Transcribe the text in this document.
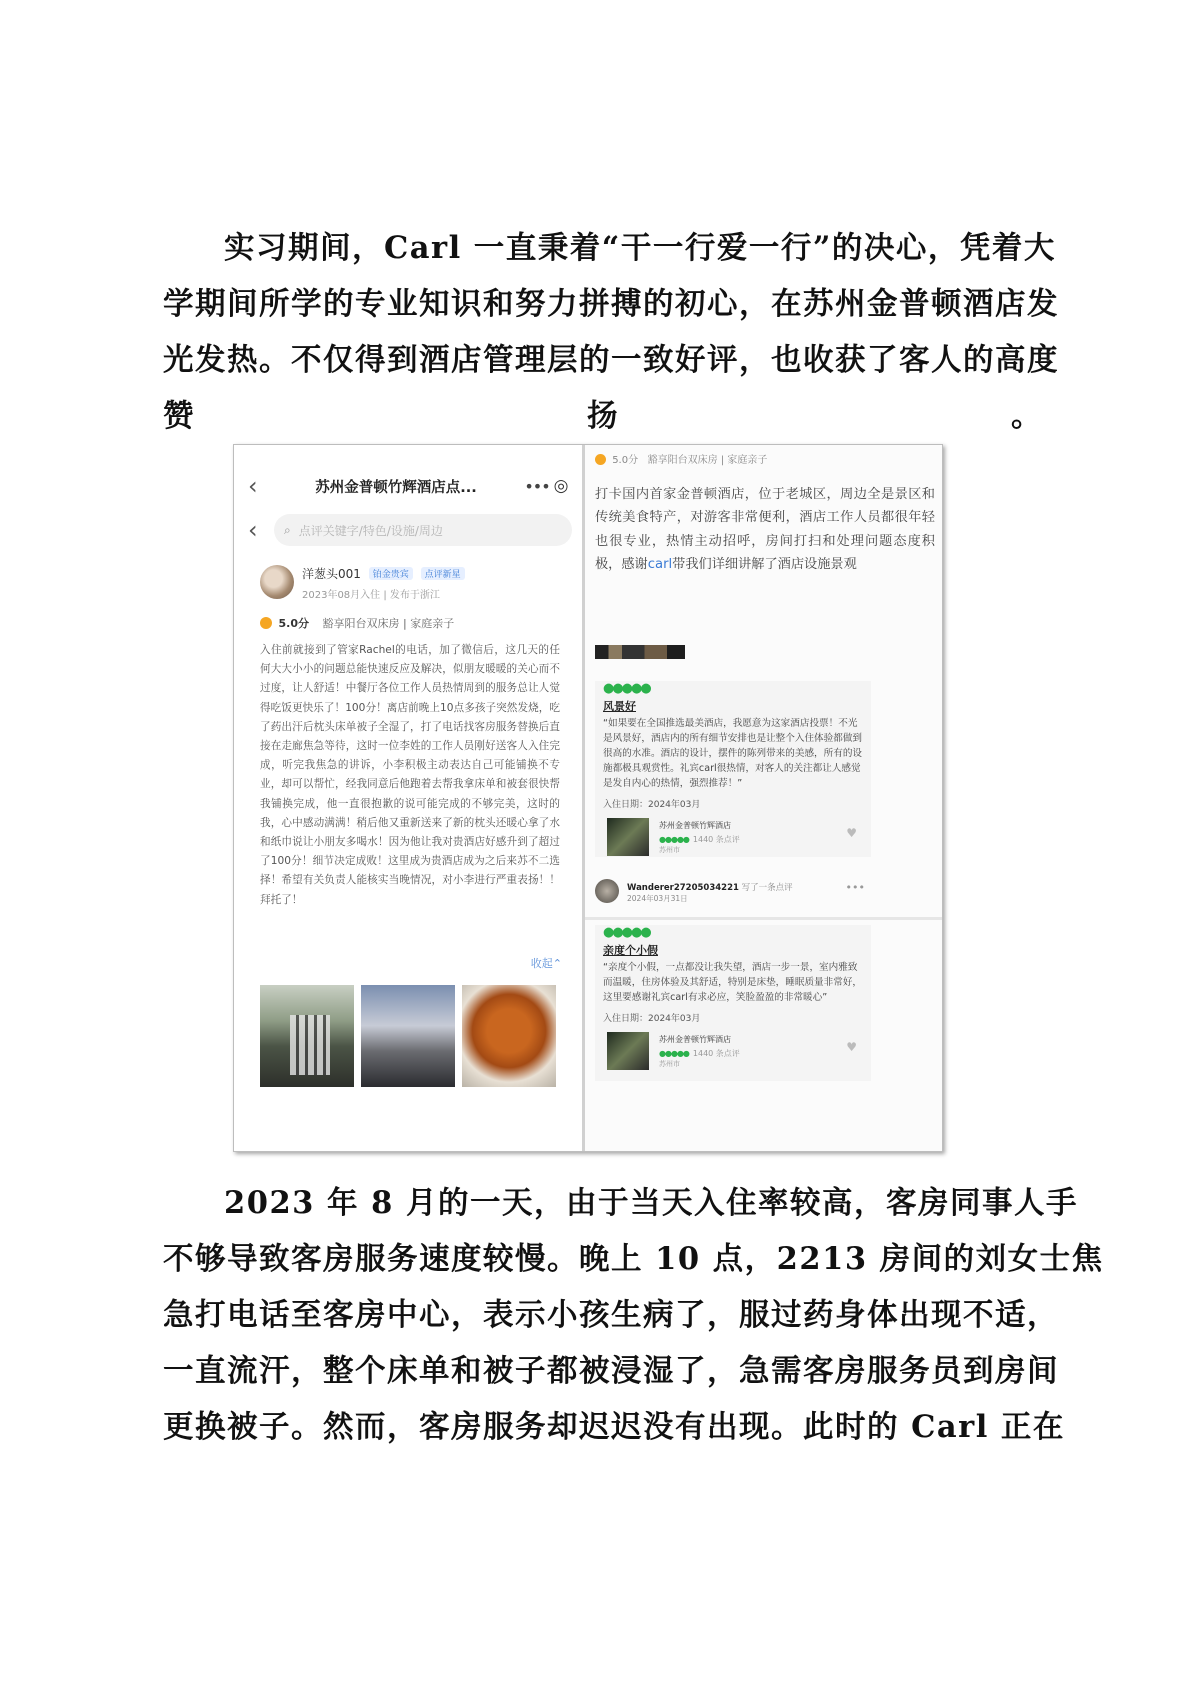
实习期间，Carl 一直秉着“干一行爱一行”的决心，凭着大
学期间所学的专业知识和努力拼搏的初心，在苏州金普顿酒店发
光发热。不仅得到酒店管理层的一致好评，也收获了客人的高度
赞扬。
‹	苏州金普顿竹辉酒店点...	••• ◎
‹	⌕ 点评关键字/特色/设施/周边
洋葱头001 铂金贵宾 点评新星
2023年08月入住 | 发布于浙江
5.0分 豁享阳台双床房 | 家庭亲子
入住前就接到了管家Rachel的电话，加了微信后，这几天的任何大大小小的问题总能快速反应及解决，似朋友暖暖的关心而不过度，让人舒适！中餐厅各位工作人员热情周到的服务总让人觉得吃饭更快乐了！100分！离店前晚上10点多孩子突然发烧，吃了药出汗后枕头床单被子全湿了，打了电话找客房服务替换后直接在走廊焦急等待，这时一位李姓的工作人员刚好送客人入住完成，听完我焦急的讲诉，小李积极主动表达自己可能铺换不专业，却可以帮忙，经我同意后他跑着去帮我拿床单和被套很快帮我铺换完成，他一直很抱歉的说可能完成的不够完美，这时的我，心中感动满满！稍后他又重新送来了新的枕头还暖心拿了水和纸巾说让小朋友多喝水！因为他让我对贵酒店好感升到了超过了100分！细节决定成败！这里成为贵酒店成为之后来苏不二选择！希望有关负责人能核实当晚情况，对小李进行严重表扬！！拜托了！
收起⌃
5.0分 豁享阳台双床房 | 家庭亲子
打卡国内首家金普顿酒店，位于老城区，周边全是景区和传统美食特产，对游客非常便利，酒店工作人员都很年轻也很专业，热情主动招呼，房间打扫和处理问题态度积极，感谢carl带我们详细讲解了酒店设施景观
●●●●●
风景好
“如果要在全国推选最美酒店，我愿意为这家酒店投票！不光是风景好，酒店内的所有细节安排也是让整个入住体验都做到很高的水准。酒店的设计，摆件的陈列带来的美感，所有的设施都极具观赏性。礼宾carl很热情，对客人的关注都让人感觉是发自内心的热情，强烈推荐！”
入住日期：2024年03月
苏州金普顿竹辉酒店
●●●●● 1440 条点评
苏州市
♥
Wanderer27205034221 写了一条点评
2024年03月31日
•••
●●●●●
亲度个小假
“亲度个小假，一点都没让我失望，酒店一步一景，室内雅致而温暖，住房体验及其舒适，特别是床垫，睡眠质量非常好，这里要感谢礼宾carl有求必应，笑脸盈盈的非常暖心”
入住日期：2024年03月
苏州金普顿竹辉酒店
●●●●● 1440 条点评
苏州市
♥
2023 年 8 月的一天，由于当天入住率较高，客房同事人手
不够导致客房服务速度较慢。晚上 10 点，2213 房间的刘女士焦
急打电话至客房中心，表示小孩生病了，服过药身体出现不适，
一直流汗，整个床单和被子都被浸湿了，急需客房服务员到房间
更换被子。然而，客房服务却迟迟没有出现。此时的 Carl 正在
